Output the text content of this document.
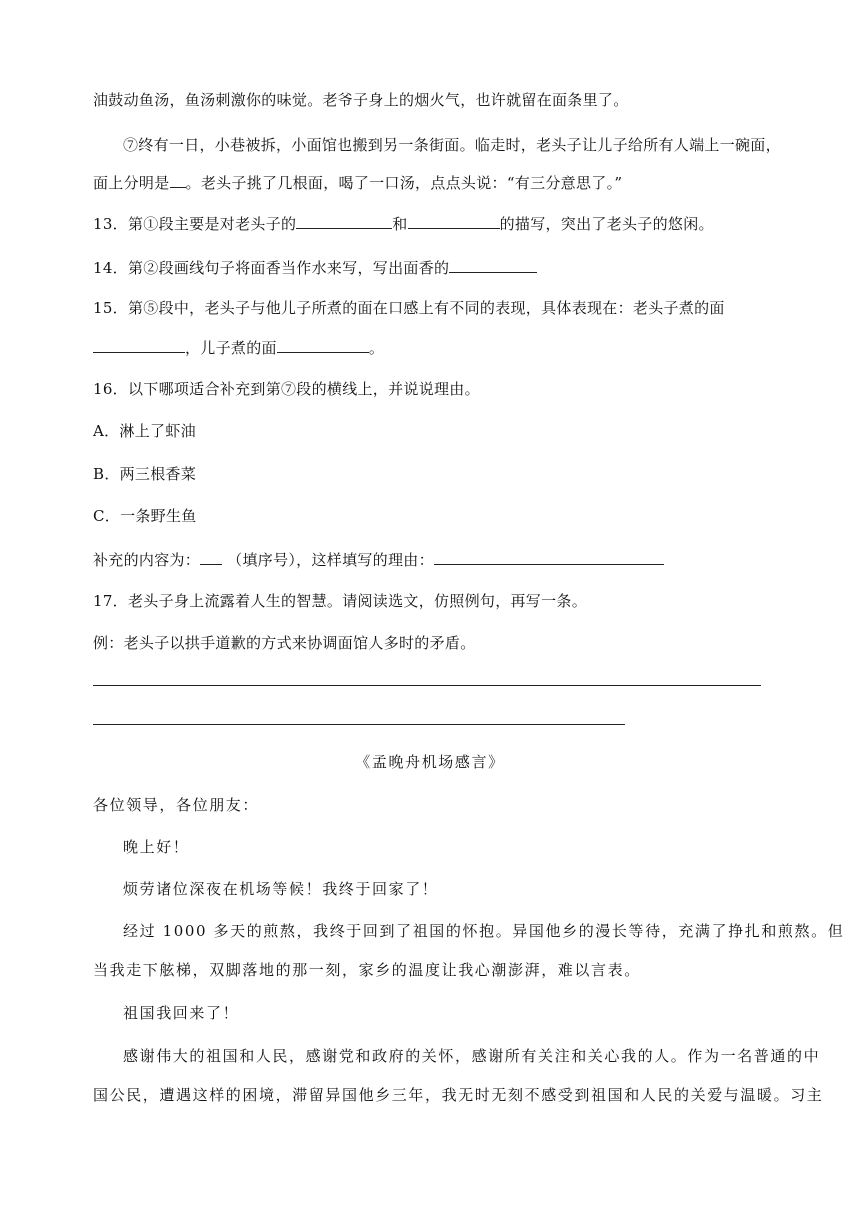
油鼓动鱼汤，鱼汤刺激你的味觉。老爷子身上的烟火气，也许就留在面条里了。
⑦终有一日，小巷被拆，小面馆也搬到另一条街面。临走时，老头子让儿子给所有人端上一碗面，
面上分明是 。老头子挑了几根面，喝了一口汤，点点头说：“有三分意思了。”
13．第①段主要是对老头子的	和	的描写，突出了老头子的悠闲。
14．第②段画线句子将面香当作水来写，写出面香的
15．第⑤段中，老头子与他儿子所煮的面在口感上有不同的表现，具体表现在：老头子煮的面
，儿子煮的面	。
16．以下哪项适合补充到第⑦段的横线上，并说说理由。
A．淋上了虾油
B．两三根香菜
C．一条野生鱼
补充的内容为： （填序号），这样填写的理由：
17．老头子身上流露着人生的智慧。请阅读选文，仿照例句，再写一条。
例：老头子以拱手道歉的方式来协调面馆人多时的矛盾。
《孟晚舟机场感言》
各位领导，各位朋友：
晚上好！
烦劳诸位深夜在机场等候！我终于回家了！
经过 1000 多天的煎熬，我终于回到了祖国的怀抱。异国他乡的漫长等待，充满了挣扎和煎熬。但
当我走下舷梯，双脚落地的那一刻，家乡的温度让我心潮澎湃，难以言表。
祖国我回来了！
感谢伟大的祖国和人民，感谢党和政府的关怀，感谢所有关注和关心我的人。作为一名普通的中
国公民，遭遇这样的困境，滞留异国他乡三年，我无时无刻不感受到祖国和人民的关爱与温暖。习主
